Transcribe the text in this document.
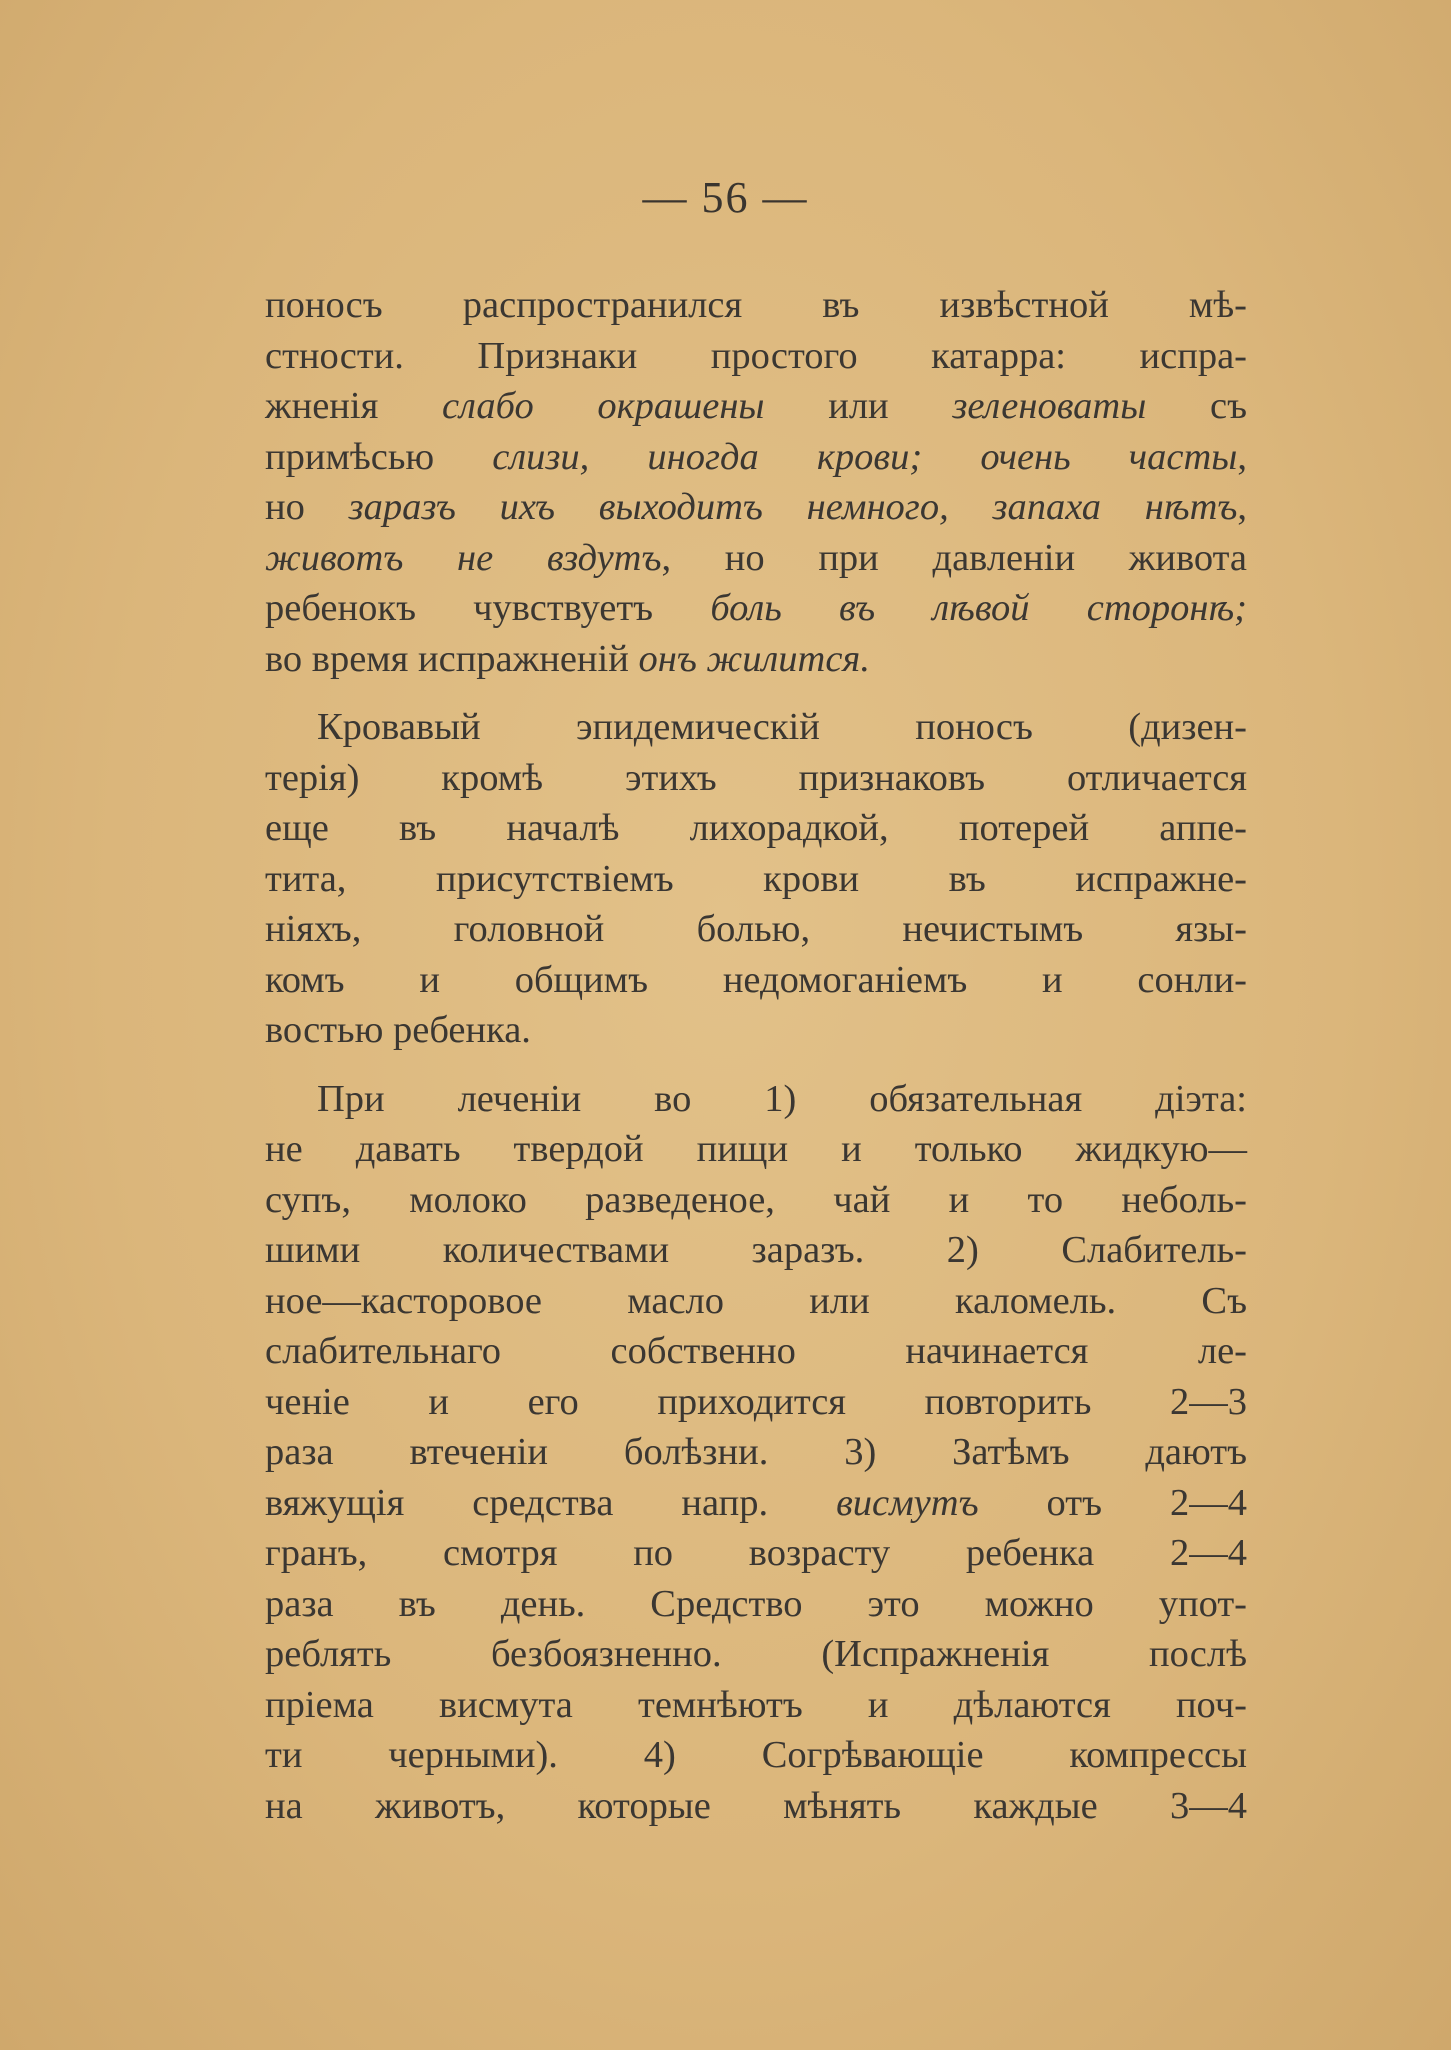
— 56 —
поносъ распространился въ извѣстной мѣ-
стности. Признаки простого катарра: испра-
жненія слабо окрашены или зеленоваты съ
примѣсью слизи, иногда крови; очень часты,
но заразъ ихъ выходитъ немного, запаха нѣтъ,
животъ не вздутъ, но при давленіи живота
ребенокъ чувствуетъ боль въ лѣвой сторонѣ;
во время испражненій онъ жилится.
Кровавый эпидемическій поносъ (дизен-
терія) кромѣ этихъ признаковъ отличается
еще въ началѣ лихорадкой, потерей аппе-
тита, присутствіемъ крови въ испражне-
ніяхъ, головной болью, нечистымъ язы-
комъ и общимъ недомоганіемъ и сонли-
востью ребенка.
При леченіи во 1) обязательная діэта:
не давать твердой пищи и только жидкую—
супъ, молоко разведеное, чай и то неболь-
шими количествами заразъ. 2) Слабитель-
ное—касторовое масло или каломель. Съ
слабительнаго собственно начинается ле-
ченіе и его приходится повторить 2—3
раза втеченіи болѣзни. 3) Затѣмъ даютъ
вяжущія средства напр. висмутъ отъ 2—4
гранъ, смотря по возрасту ребенка 2—4
раза въ день. Средство это можно упот-
реблять безбоязненно. (Испражненія послѣ
пріема висмута темнѣютъ и дѣлаются поч-
ти черными). 4) Согрѣвающіе компрессы
на животъ, которые мѣнять каждые 3—4
